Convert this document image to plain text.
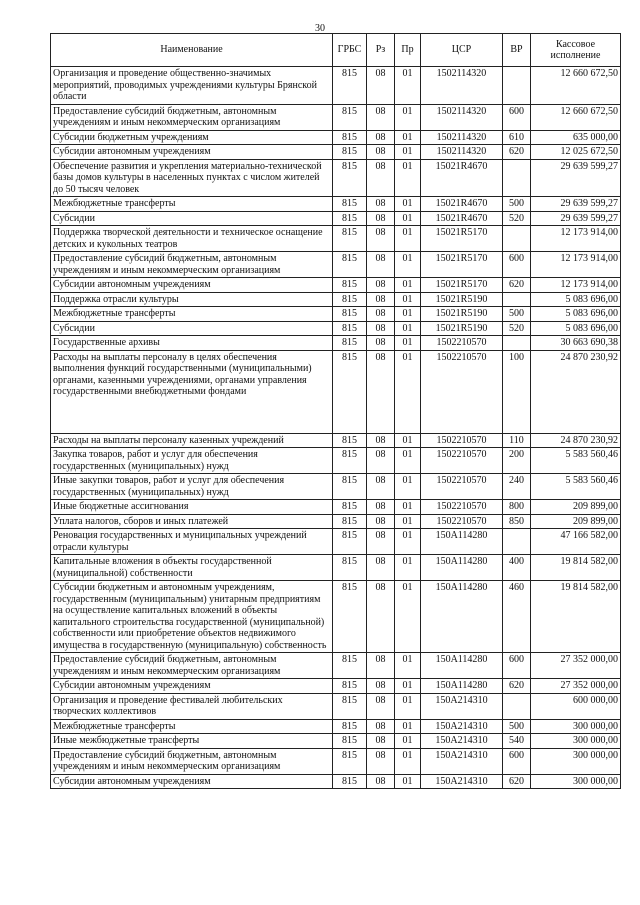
30
Наименование	ГРБС	Рз	Пр	ЦСР	ВР	Кассовое исполнение
Организация и проведение общественно-значимых мероприятий, проводимых учреждениями культуры Брянской области	815	08	01	1502114320		12 660 672,50
Предоставление субсидий бюджетным, автономным учреждениям и иным некоммерческим организациям	815	08	01	1502114320	600	12 660 672,50
Субсидии бюджетным учреждениям	815	08	01	1502114320	610	635 000,00
Субсидии автономным учреждениям	815	08	01	1502114320	620	12 025 672,50
Обеспечение развития и укрепления материально-технической базы домов культуры в населенных пунктах с числом жителей до 50 тысяч человек	815	08	01	15021R4670		29 639 599,27
Межбюджетные трансферты	815	08	01	15021R4670	500	29 639 599,27
Субсидии	815	08	01	15021R4670	520	29 639 599,27
Поддержка творческой деятельности и техническое оснащение детских и кукольных театров	815	08	01	15021R5170		12 173 914,00
Предоставление субсидий бюджетным, автономным учреждениям и иным некоммерческим организациям	815	08	01	15021R5170	600	12 173 914,00
Субсидии автономным учреждениям	815	08	01	15021R5170	620	12 173 914,00
Поддержка отрасли культуры	815	08	01	15021R5190		5 083 696,00
Межбюджетные трансферты	815	08	01	15021R5190	500	5 083 696,00
Субсидии	815	08	01	15021R5190	520	5 083 696,00
Государственные архивы	815	08	01	1502210570		30 663 690,38
Расходы на выплаты персоналу в целях обеспечения выполнения функций государственными (муниципальными) органами, казенными учреждениями, органами управления государственными внебюджетными фондами	815	08	01	1502210570	100	24 870 230,92
Расходы на выплаты персоналу казенных учреждений	815	08	01	1502210570	110	24 870 230,92
Закупка товаров, работ и услуг для обеспечения государственных (муниципальных) нужд	815	08	01	1502210570	200	5 583 560,46
Иные закупки товаров, работ и услуг для обеспечения государственных (муниципальных) нужд	815	08	01	1502210570	240	5 583 560,46
Иные бюджетные ассигнования	815	08	01	1502210570	800	209 899,00
Уплата налогов, сборов и иных платежей	815	08	01	1502210570	850	209 899,00
Реновация государственных и муниципальных учреждений отрасли культуры	815	08	01	150A114280		47 166 582,00
Капитальные вложения в объекты государственной (муниципальной) собственности	815	08	01	150A114280	400	19 814 582,00
Субсидии бюджетным и автономным учреждениям, государственным (муниципальным) унитарным предприятиям на осуществление капитальных вложений в объекты капитального строительства государственной (муниципальной) собственности или приобретение объектов недвижимого имущества в государственную (муниципальную) собственность	815	08	01	150A114280	460	19 814 582,00
Предоставление субсидий бюджетным, автономным учреждениям и иным некоммерческим организациям	815	08	01	150A114280	600	27 352 000,00
Субсидии автономным учреждениям	815	08	01	150A114280	620	27 352 000,00
Организация и проведение фестивалей любительских творческих коллективов	815	08	01	150A214310		600 000,00
Межбюджетные трансферты	815	08	01	150A214310	500	300 000,00
Иные межбюджетные трансферты	815	08	01	150A214310	540	300 000,00
Предоставление субсидий бюджетным, автономным учреждениям и иным некоммерческим организациям	815	08	01	150A214310	600	300 000,00
Субсидии автономным учреждениям	815	08	01	150A214310	620	300 000,00
